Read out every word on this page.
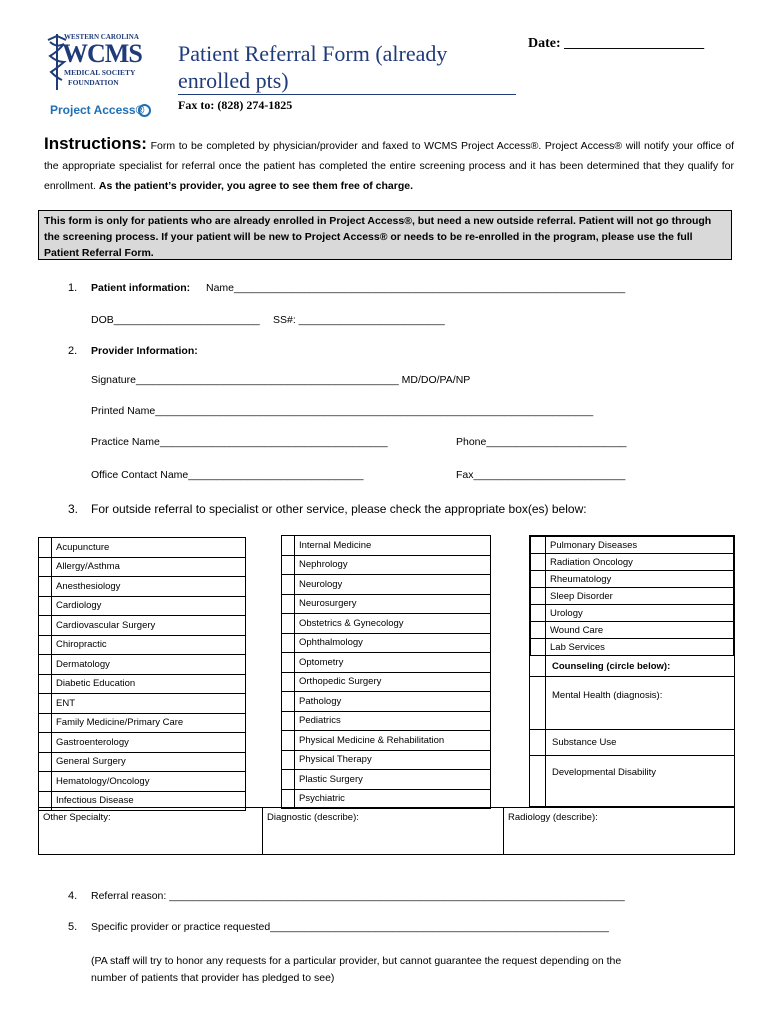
WESTERN CAROLINA
WCMS
MEDICAL SOCIETY
FOUNDATION
Project Access®
Patient Referral Form (already
enrolled pts)
Fax to: (828) 274-1825
Date: ____________________
Instructions: Form to be completed by physician/provider and faxed to WCMS Project Access®. Project Access® will notify your office of the appropriate specialist for referral once the patient has completed the entire screening process and it has been determined that they qualify for enrollment. As the patient’s provider, you agree to see them free of charge.
This form is only for patients who are already enrolled in Project Access®, but need a new outside referral. Patient will not go through the screening process. If your patient will be new to Project Access® or needs to be re-enrolled in the program, please use the full Patient Referral Form.
1. Patient information: Name___________________________________________________________________
DOB_________________________ SS#: _________________________
2. Provider Information:
Signature_____________________________________________ MD/DO/PA/NP
Printed Name___________________________________________________________________________
Practice Name_______________________________________	Phone________________________
Office Contact Name______________________________	Fax__________________________
3. For outside referral to specialist or other service, please check the appropriate box(es) below:
	Acupuncture
	Allergy/Asthma
	Anesthesiology
	Cardiology
	Cardiovascular Surgery
	Chiropractic
	Dermatology
	Diabetic Education
	ENT
	Family Medicine/Primary Care
	Gastroenterology
	General Surgery
	Hematology/Oncology
	Infectious Disease
	Internal Medicine
	Nephrology
	Neurology
	Neurosurgery
	Obstetrics & Gynecology
	Ophthalmology
	Optometry
	Orthopedic Surgery
	Pathology
	Pediatrics
	Physical Medicine & Rehabilitation
	Physical Therapy
	Plastic Surgery
	Psychiatric
	Pulmonary Diseases
	Radiation Oncology
	Rheumatology
	Sleep Disorder
	Urology
	Wound Care
	Lab Services
Counseling (circle below):
Mental Health (diagnosis):
Substance Use
Developmental Disability
Other Specialty:	Diagnostic (describe):	Radiology (describe):
4. Referral reason: ______________________________________________________________________________
5. Specific provider or practice requested__________________________________________________________
(PA staff will try to honor any requests for a particular provider, but cannot guarantee the request depending on the
number of patients that provider has pledged to see)
